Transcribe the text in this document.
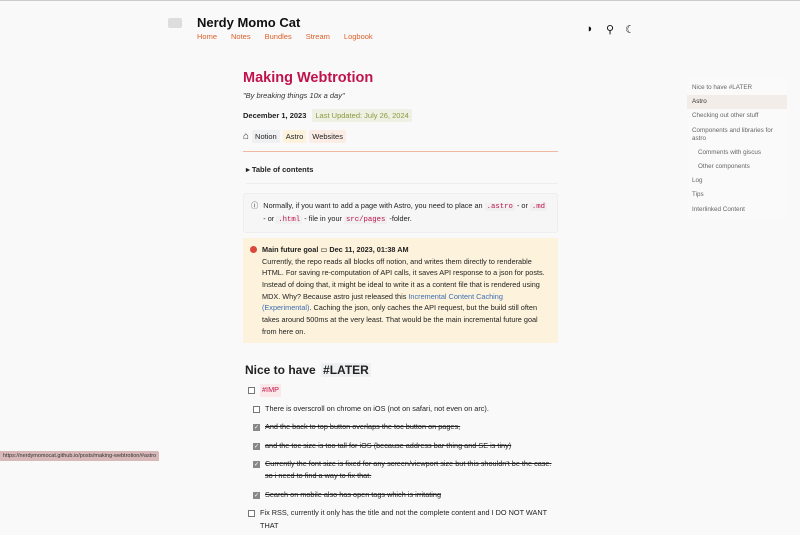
Nerdy Momo Cat
Home Notes Bundles Stream Logbook
◗ ⚲ ☾
Making Webtrotion
"By breaking things 10x a day"
December 1, 2023	Last Updated: July 26, 2024
⌂ Notion	Astro	Websites
▸ Table of contents
ⓘ Normally, if you want to add a page with Astro, you need to place an .astro - or .md - or .html - file in your src/pages -folder.
Main future goal ▭ Dec 11, 2023, 01:38 AM
Currently, the repo reads all blocks off notion, and writes them directly to renderable HTML. For saving re-computation of API calls, it saves API response to a json for posts. Instead of doing that, it might be ideal to write it as a content file that is rendered using MDX. Why? Because astro just released this Incremental Content Caching (Experimental). Caching the json, only caches the API request, but the build still often takes around 500ms at the very least. That would be the main incremental future goal from here on.
Nice to have #LATER
#IMP
There is overscroll on chrome on iOS (not on safari, not even on arc).
✓ And the back to top button overlaps the toc button on pages,
✓ and the toc size is too tall for iOS (because address bar thing and SE is tiny)
✓ Currently the font size is fixed for any screen/viewport size but this shouldn't be the case. so i need to find a way to fix that.
✓ Search on mobile also has open tags which is irritating
Fix RSS, currently it only has the title and not the complete content and I DO NOT WANT THAT
Nice to have #LATER
Astro
Checking out other stuff
Components and libraries for astro
Comments with giscus
Other components
Log
Tips
Interlinked Content
https://nerdymomocat.github.io/posts/making-webtrotion/#astro
